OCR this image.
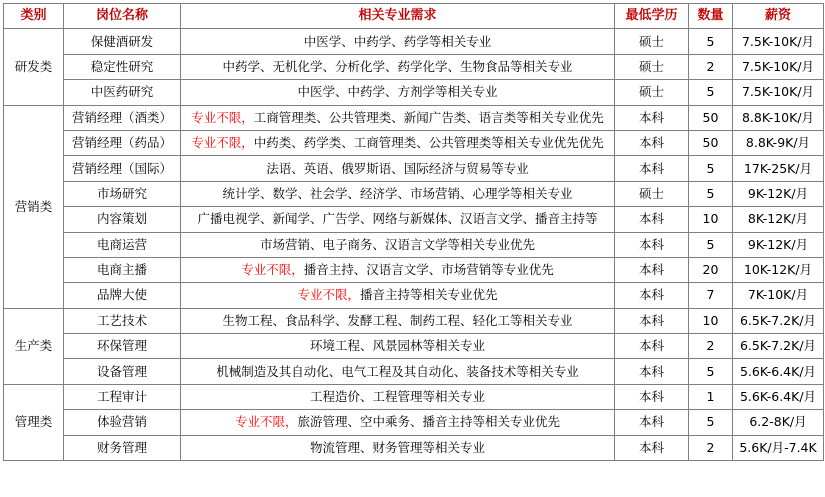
类别	岗位名称	相关专业需求	最低学历	数量	薪资
研发类	保健酒研发	中医学、中药学、药学等相关专业	硕士	5	7.5K-10K/月
	稳定性研究	中药学、无机化学、分析化学、药学化学、生物食品等相关专业	硕士	2	7.5K-10K/月
	中医药研究	中医学、中药学、方剂学等相关专业	硕士	5	7.5K-10K/月
营销类	营销经理（酒类）	专业不限，工商管理类、公共管理类、新闻广告类、语言类等相关专业优先	本科	50	8.8K-10K/月
	营销经理（药品）	专业不限，中药类、药学类、工商管理类、公共管理类等相关专业优先优先	本科	50	8.8K-9K/月
	营销经理（国际）	法语、英语、俄罗斯语、国际经济与贸易等专业	本科	5	17K-25K/月
	市场研究	统计学、数学、社会学、经济学、市场营销、心理学等相关专业	硕士	5	9K-12K/月
	内容策划	广播电视学、新闻学、广告学、网络与新媒体、汉语言文学、播音主持等	本科	10	8K-12K/月
	电商运营	市场营销、电子商务、汉语言文学等相关专业优先	本科	5	9K-12K/月
	电商主播	专业不限，播音主持、汉语言文学、市场营销等专业优先	本科	20	10K-12K/月
	品牌大使	专业不限，播音主持等相关专业优先	本科	7	7K-10K/月
生产类	工艺技术	生物工程、食品科学、发酵工程、制药工程、轻化工等相关专业	本科	10	6.5K-7.2K/月
	环保管理	环境工程、风景园林等相关专业	本科	2	6.5K-7.2K/月
	设备管理	机械制造及其自动化、电气工程及其自动化、装备技术等相关专业	本科	5	5.6K-6.4K/月
管理类	工程审计	工程造价、工程管理等相关专业	本科	1	5.6K-6.4K/月
	体验营销	专业不限，旅游管理、空中乘务、播音主持等相关专业优先	本科	5	6.2-8K/月
	财务管理	物流管理、财务管理等相关专业	本科	2	5.6K/月-7.4K
